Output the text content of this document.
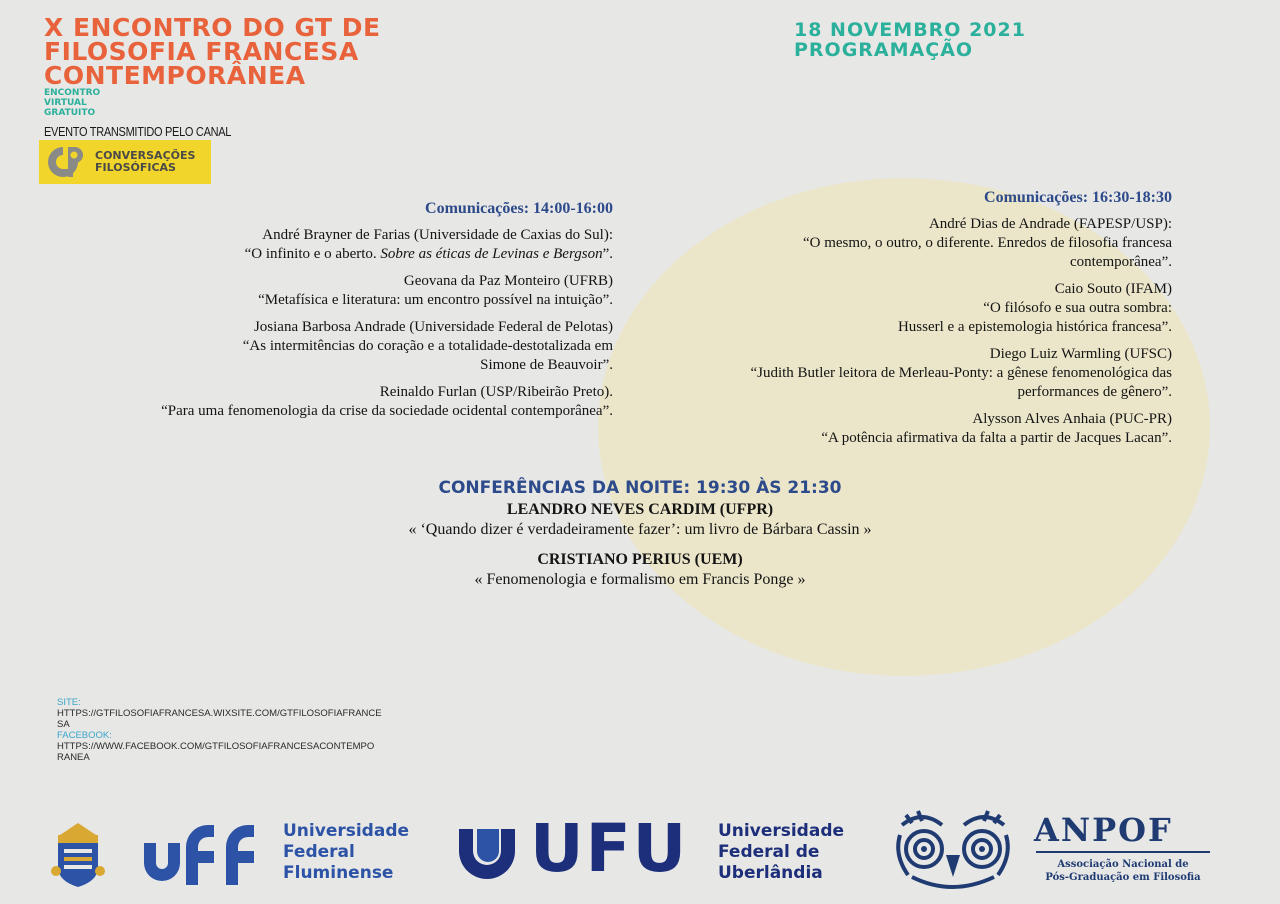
X ENCONTRO DO GT DE
FILOSOFIA FRANCESA
CONTEMPORÂNEA
ENCONTRO
VIRTUAL
GRATUITO
EVENTO TRANSMITIDO PELO CANAL
CONVERSAÇÕES
FILOSÓFICAS
18 NOVEMBRO 2021
PROGRAMAÇÃO
Comunicações: 14:00-16:00
André Brayner de Farias (Universidade de Caxias do Sul):
“O infinito e o aberto. Sobre as éticas de Levinas e Bergson”.
Geovana da Paz Monteiro (UFRB)
“Metafísica e literatura: um encontro possível na intuição”.
Josiana Barbosa Andrade (Universidade Federal de Pelotas)
“As intermitências do coração e a totalidade-destotalizada em
Simone de Beauvoir”.
Reinaldo Furlan (USP/Ribeirão Preto).
“Para uma fenomenologia da crise da sociedade ocidental contemporânea”.
Comunicações: 16:30-18:30
André Dias de Andrade (FAPESP/USP):
“O mesmo, o outro, o diferente. Enredos de filosofia francesa
contemporânea”.
Caio Souto (IFAM)
“O filósofo e sua outra sombra:
Husserl e a epistemologia histórica francesa”.
Diego Luiz Warmling (UFSC)
“Judith Butler leitora de Merleau-Ponty: a gênese fenomenológica das
performances de gênero”.
Alysson Alves Anhaia (PUC-PR)
“A potência afirmativa da falta a partir de Jacques Lacan”.
CONFERÊNCIAS DA NOITE: 19:30 ÀS 21:30
LEANDRO NEVES CARDIM (UFPR)
« ‘Quando dizer é verdadeiramente fazer’: um livro de Bárbara Cassin »
CRISTIANO PERIUS (UEM)
« Fenomenologia e formalismo em Francis Ponge »
SITE:
HTTPS://GTFILOSOFIAFRANCESA.WIXSITE.COM/GTFILOSOFIAFRANCE
SA
FACEBOOK:
HTTPS://WWW.FACEBOOK.COM/GTFILOSOFIAFRANCESACONTEMPO
RANEA
Universidade
Federal
Fluminense UFU Universidade
Federal de
Uberlândia
ANPOF
Associação Nacional de
Pós-Graduação em Filosofia
